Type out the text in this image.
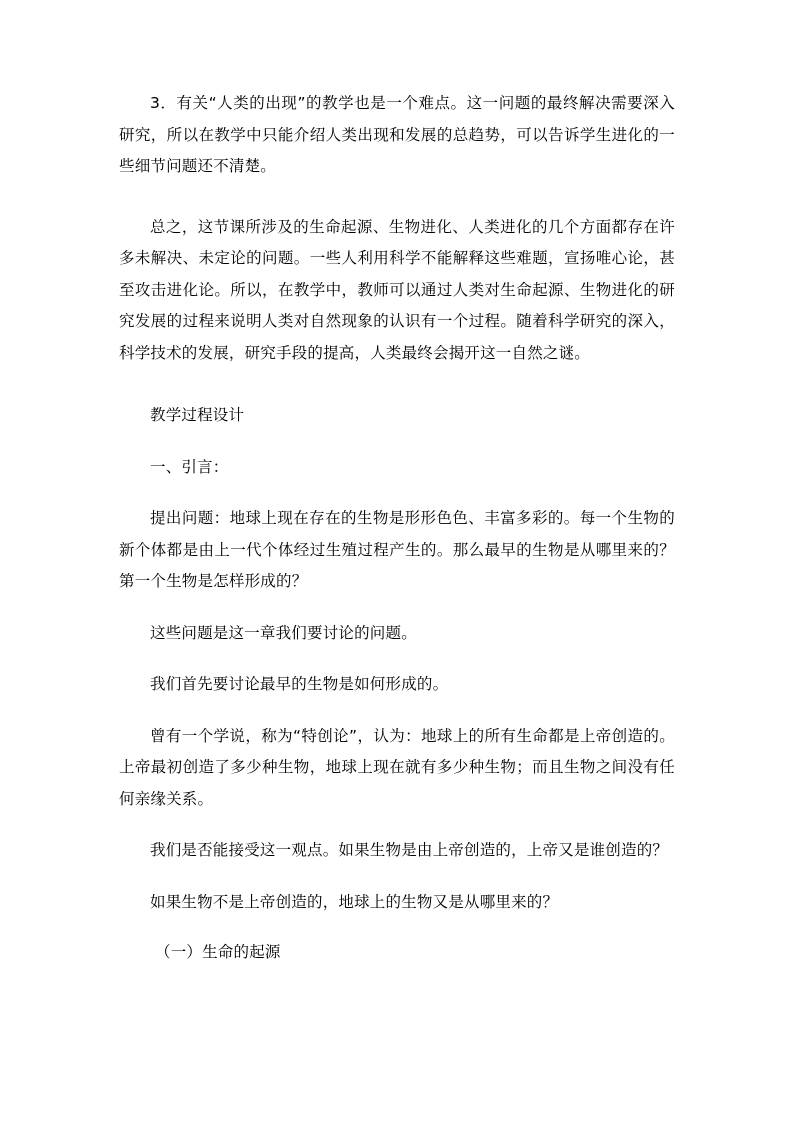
3．有关“人类的出现”的教学也是一个难点。这一问题的最终解决需要深入研究，所以在教学中只能介绍人类出现和发展的总趋势，可以告诉学生进化的一些细节问题还不清楚。

总之，这节课所涉及的生命起源、生物进化、人类进化的几个方面都存在许多未解决、未定论的问题。一些人利用科学不能解释这些难题，宣扬唯心论，甚至攻击进化论。所以，在教学中，教师可以通过人类对生命起源、生物进化的研究发展的过程来说明人类对自然现象的认识有一个过程。随着科学研究的深入，科学技术的发展，研究手段的提高，人类最终会揭开这一自然之谜。

教学过程设计

一、引言：

提出问题：地球上现在存在的生物是形形色色、丰富多彩的。每一个生物的新个体都是由上一代个体经过生殖过程产生的。那么最早的生物是从哪里来的？第一个生物是怎样形成的？

这些问题是这一章我们要讨论的问题。

我们首先要讨论最早的生物是如何形成的。

曾有一个学说，称为“特创论”，认为：地球上的所有生命都是上帝创造的。上帝最初创造了多少种生物，地球上现在就有多少种生物；而且生物之间没有任何亲缘关系。

我们是否能接受这一观点。如果生物是由上帝创造的，上帝又是谁创造的？

如果生物不是上帝创造的，地球上的生物又是从哪里来的？

（一）生命的起源
